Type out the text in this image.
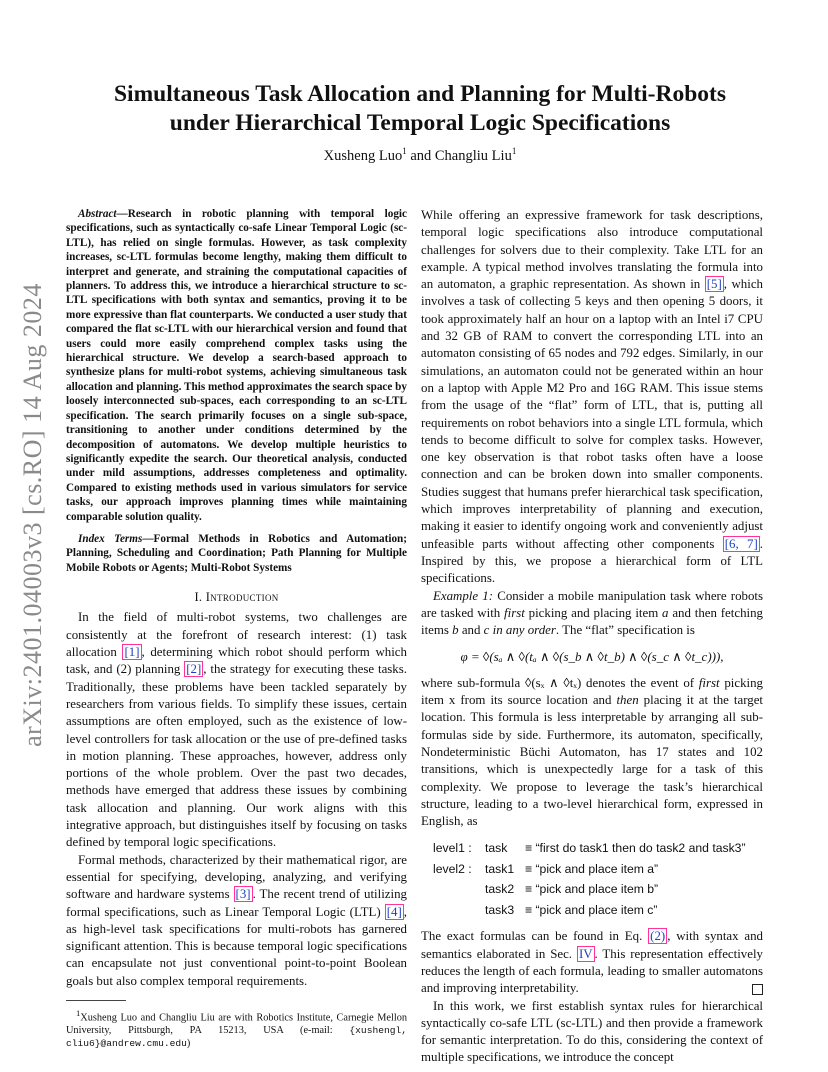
arXiv:2401.04003v3 [cs.RO] 14 Aug 2024
Simultaneous Task Allocation and Planning for Multi-Robots
under Hierarchical Temporal Logic Specifications
Xusheng Luo$^1$ and Changliu Liu$^1$

Abstract—Research in robotic planning with temporal logic specifications, such as syntactically co-safe Linear Temporal Logic (sc-LTL), has relied on single formulas. However, as task complexity increases, sc-LTL formulas become lengthy, making them difficult to interpret and generate, and straining the computational capacities of planners. To address this, we introduce a hierarchical structure to sc-LTL specifications with both syntax and semantics, proving it to be more expressive than flat counterparts. We conducted a user study that compared the flat sc-LTL with our hierarchical version and found that users could more easily comprehend complex tasks using the hierarchical structure. We develop a search-based approach to synthesize plans for multi-robot systems, achieving simultaneous task allocation and planning. This method approximates the search space by loosely interconnected sub-spaces, each corresponding to an sc-LTL specification. The search primarily focuses on a single sub-space, transitioning to another under conditions determined by the decomposition of automatons. We develop multiple heuristics to significantly expedite the search. Our theoretical analysis, conducted under mild assumptions, addresses completeness and optimality. Compared to existing methods used in various simulators for service tasks, our approach improves planning times while maintaining comparable solution quality.

Index Terms—Formal Methods in Robotics and Automation; Planning, Scheduling and Coordination; Path Planning for Multiple Mobile Robots or Agents; Multi-Robot Systems

I. Introduction

In the field of multi-robot systems, two challenges are consistently at the forefront of research interest: (1) task allocation [1] , determining which robot should perform which task, and (2) planning [2] , the strategy for executing these tasks. Traditionally, these problems have been tackled separately by researchers from various fields. To simplify these issues, certain assumptions are often employed, such as the existence of low-level controllers for task allocation or the use of pre-defined tasks in motion planning. These approaches, however, address only portions of the whole problem. Over the past two decades, methods have emerged that address these issues by combining task allocation and planning. Our work aligns with this integrative approach, but distinguishes itself by focusing on tasks defined by temporal logic specifications.

Formal methods, characterized by their mathematical rigor, are essential for specifying, developing, analyzing, and verifying software and hardware systems [3] . The recent trend of utilizing formal specifications, such as Linear Temporal Logic (LTL) [4] , as high-level task specifications for multi-robots has garnered significant attention. This is because temporal logic specifications can encapsulate not just conventional point-to-point Boolean goals but also complex temporal requirements.

$^1$Xusheng Luo and Changliu Liu are with Robotics Institute, Carnegie Mellon University, Pittsburgh, PA 15213, USA (e-mail: {xushengl, cliu6}@andrew.cmu.edu)

While offering an expressive framework for task descriptions, temporal logic specifications also introduce computational challenges for solvers due to their complexity. Take LTL for an example. A typical method involves translating the formula into an automaton, a graphic representation. As shown in [5] , which involves a task of collecting 5 keys and then opening 5 doors, it took approximately half an hour on a laptop with an Intel i7 CPU and 32 GB of RAM to convert the corresponding LTL into an automaton consisting of 65 nodes and 792 edges. Similarly, in our simulations, an automaton could not be generated within an hour on a laptop with Apple M2 Pro and 16G RAM. This issue stems from the usage of the “flat” form of LTL, that is, putting all requirements on robot behaviors into a single LTL formula, which tends to become difficult to solve for complex tasks. However, one key observation is that robot tasks often have a loose connection and can be broken down into smaller components. Studies suggest that humans prefer hierarchical task specification, which improves interpretability of planning and execution, making it easier to identify ongoing work and conveniently adjust unfeasible parts without affecting other components [6, 7] . Inspired by this, we propose a hierarchical form of LTL specifications.

Example 1: Consider a mobile manipulation task where robots are tasked with first picking and placing item a and then fetching items b and c in any order. The “flat” specification is

φ = ◊(sₐ ∧ ◊(tₐ ∧ ◊(s_b ∧ ◊t_b) ∧ ◊(s_c ∧ ◊t_c))),

where sub-formula ◊(sₓ ∧ ◊tₓ) denotes the event of first picking item x from its source location and then placing it at the target location. This formula is less interpretable by arranging all sub-formulas side by side. Furthermore, its automaton, specifically, Nondeterministic Büchi Automaton, has 17 states and 102 transitions, which is unexpectedly large for a task of this complexity. We propose to leverage the task’s hierarchical structure, leading to a two-level hierarchical form, expressed in English, as

level1 :	task	≡ “first do task1 then do task2 and task3”
level2 :	task1 ≡ “pick and place item a”
task2 ≡ “pick and place item b”
task3 ≡ “pick and place item c”

The exact formulas can be found in Eq. (2) , with syntax and semantics elaborated in Sec. IV . This representation effectively reduces the length of each formula, leading to smaller automatons and improving interpretability.

In this work, we first establish syntax rules for hierarchical syntactically co-safe LTL (sc-LTL) and then provide a framework for semantic interpretation. To do this, considering the context of multiple specifications, we introduce the concept
